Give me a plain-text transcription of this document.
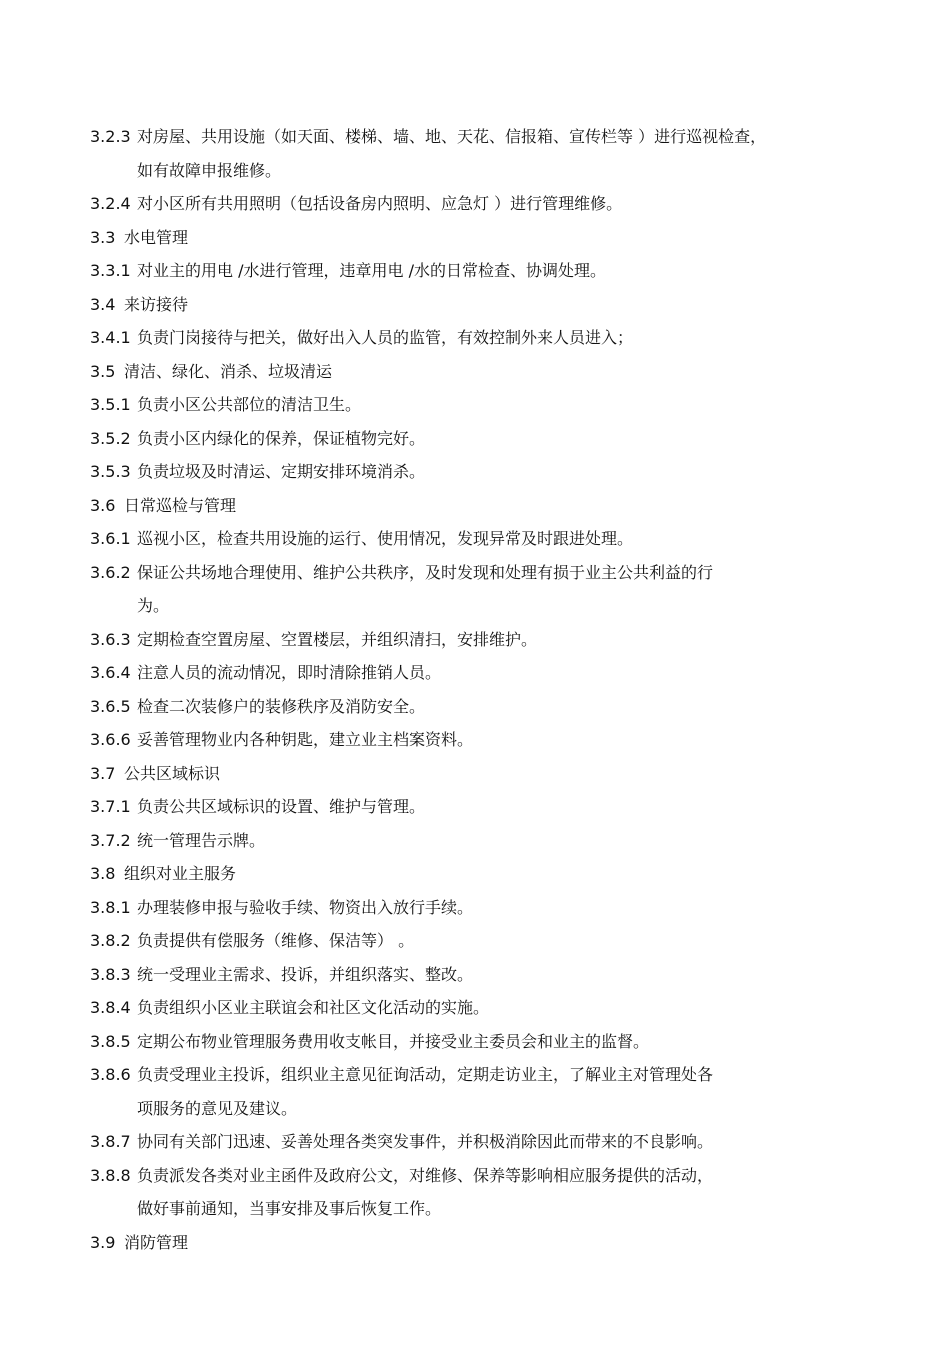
3.2.3 对房屋、共用设施（如天面、楼梯、墙、地、天花、信报箱、宣传栏等 ）进行巡视检查，
如有故障申报维修。
3.2.4 对小区所有共用照明（包括设备房内照明、应急灯 ）进行管理维修。
3.3 水电管理
3.3.1 对业主的用电 /水进行管理，违章用电 /水的日常检查、协调处理。
3.4 来访接待
3.4.1 负责门岗接待与把关，做好出入人员的监管，有效控制外来人员进入；
3.5 清洁、绿化、消杀、垃圾清运
3.5.1 负责小区公共部位的清洁卫生。
3.5.2 负责小区内绿化的保养，保证植物完好。
3.5.3 负责垃圾及时清运、定期安排环境消杀。
3.6 日常巡检与管理
3.6.1 巡视小区，检查共用设施的运行、使用情况，发现异常及时跟进处理。
3.6.2 保证公共场地合理使用、维护公共秩序，及时发现和处理有损于业主公共利益的行
为。
3.6.3 定期检查空置房屋、空置楼层，并组织清扫，安排维护。
3.6.4 注意人员的流动情况，即时清除推销人员。
3.6.5 检查二次装修户的装修秩序及消防安全。
3.6.6 妥善管理物业内各种钥匙，建立业主档案资料。
3.7 公共区域标识
3.7.1 负责公共区域标识的设置、维护与管理。
3.7.2 统一管理告示牌。
3.8 组织对业主服务
3.8.1 办理装修申报与验收手续、物资出入放行手续。
3.8.2 负责提供有偿服务（维修、保洁等） 。
3.8.3 统一受理业主需求、投诉，并组织落实、整改。
3.8.4 负责组织小区业主联谊会和社区文化活动的实施。
3.8.5 定期公布物业管理服务费用收支帐目，并接受业主委员会和业主的监督。
3.8.6 负责受理业主投诉，组织业主意见征询活动，定期走访业主，了解业主对管理处各
项服务的意见及建议。
3.8.7 协同有关部门迅速、妥善处理各类突发事件，并积极消除因此而带来的不良影响。
3.8.8 负责派发各类对业主函件及政府公文，对维修、保养等影响相应服务提供的活动，
做好事前通知，当事安排及事后恢复工作。
3.9 消防管理
